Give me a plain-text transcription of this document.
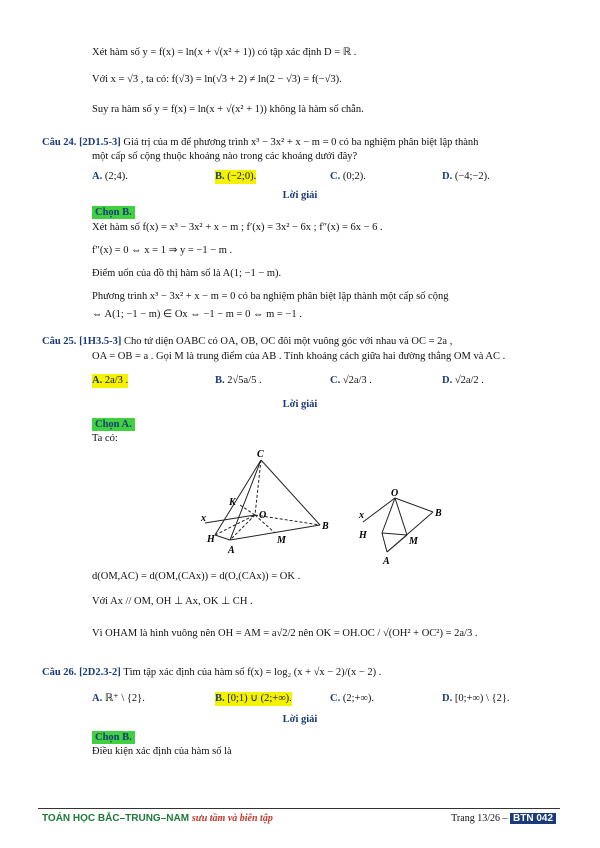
Xét hàm số y = f(x) = ln(x + √(x² + 1)) có tập xác định D = ℝ .
Với x = √3 , ta có: f(√3) = ln(√3 + 2) ≠ ln(2 − √3) = f(−√3).
Suy ra hàm số y = f(x) = ln(x + √(x² + 1)) không là hàm số chẵn.
Câu 24. [2D1.5-3] Giá trị của m để phương trình x³ − 3x² + x − m = 0 có ba nghiệm phân biệt lập thành
một cấp số cộng thuộc khoảng nào trong các khoảng dưới đây?
A. (2;4).	B. (−2;0).	C. (0;2).	D. (−4;−2).
Lời giải
Chọn B.
Xét hàm số f(x) = x³ − 3x² + x − m ; f′(x) = 3x² − 6x ; f″(x) = 6x − 6 .
f″(x) = 0 ⇔ x = 1 ⇒ y = −1 − m .
Điểm uốn của đồ thị hàm số là A(1; −1 − m).
Phương trình x³ − 3x² + x − m = 0 có ba nghiệm phân biệt lập thành một cấp số cộng
⇔ A(1; −1 − m) ∈ Ox ⇔ −1 − m = 0 ⇔ m = −1 .
Câu 25. [1H3.5-3] Cho tứ diện OABC có OA, OB, OC đôi một vuông góc với nhau và OC = 2a ,
OA = OB = a . Gọi M là trung điểm của AB . Tính khoảng cách giữa hai đường thẳng OM và AC .
A. 2a/3 .	B. 2√5a/5 .	C. √2a/3 .	D. √2a/2 .
Lời giải
Chọn A.
Ta có:
C
K
x	O
B
H	M
A
O
x	B
H
M
A
d(OM,AC) = d(OM,(CAx)) = d(O,(CAx)) = OK .
Với Ax // OM, OH ⊥ Ax, OK ⊥ CH .
Vì OHAM là hình vuông nên OH = AM = a√2/2 nên OK = OH.OC / √(OH² + OC²) = 2a/3 .
Câu 26. [2D2.3-2] Tìm tập xác định của hàm số f(x) = log₂ (x + √x − 2)/(x − 2) .
A. ℝ⁺ \ {2}.	B. [0;1) ∪ (2;+∞).	C. (2;+∞).	D. [0;+∞) \ {2}.
Lời giải
Chọn B.
Điều kiện xác định của hàm số là
TOÁN HỌC BẮC–TRUNG–NAM sưu tầm và biên tập	Trang 13/26 – BTN 042
